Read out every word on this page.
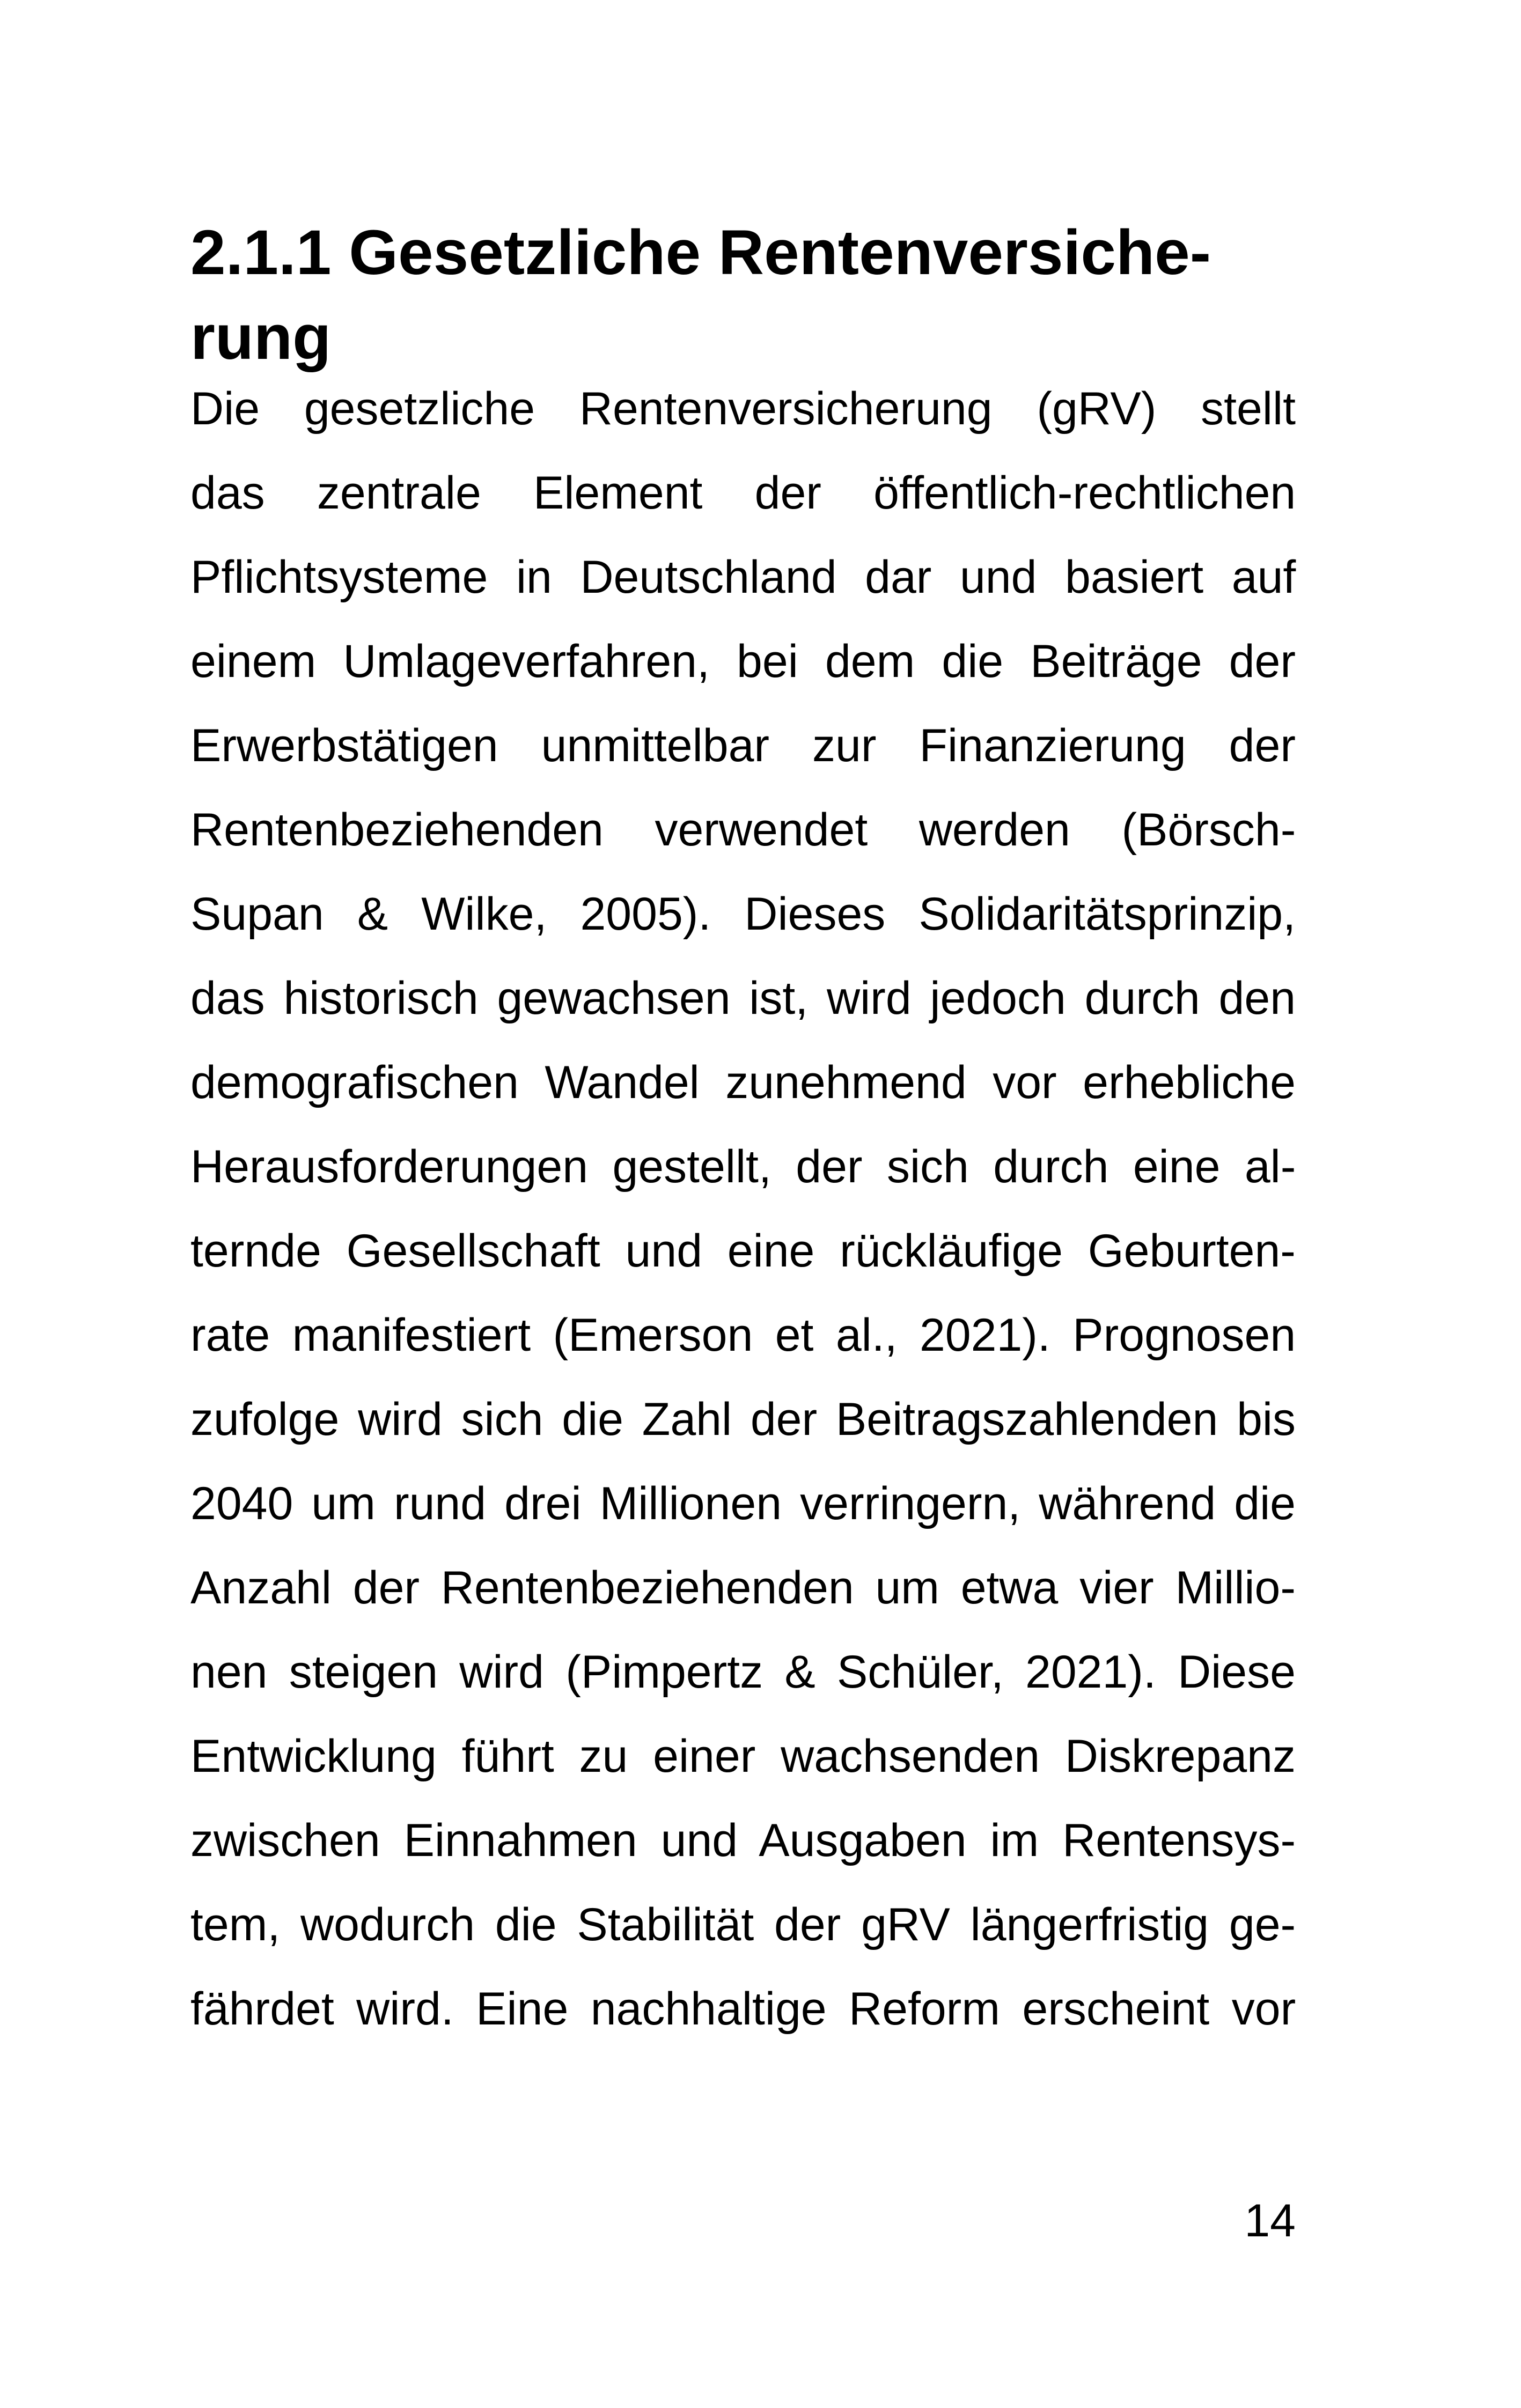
2.1.1 Gesetzliche Rentenversiche-
rung
Die gesetzliche Rentenversicherung (gRV) stellt
das zentrale Element der öffentlich-rechtlichen
Pflichtsysteme in Deutschland dar und basiert auf
einem Umlageverfahren, bei dem die Beiträge der
Erwerbstätigen unmittelbar zur Finanzierung der
Rentenbeziehenden verwendet werden (Börsch-
Supan & Wilke, 2005). Dieses Solidaritätsprinzip,
das historisch gewachsen ist, wird jedoch durch den
demografischen Wandel zunehmend vor erhebliche
Herausforderungen gestellt, der sich durch eine al-
ternde Gesellschaft und eine rückläufige Geburten-
rate manifestiert (Emerson et al., 2021). Prognosen
zufolge wird sich die Zahl der Beitragszahlenden bis
2040 um rund drei Millionen verringern, während die
Anzahl der Rentenbeziehenden um etwa vier Millio-
nen steigen wird (Pimpertz & Schüler, 2021). Diese
Entwicklung führt zu einer wachsenden Diskrepanz
zwischen Einnahmen und Ausgaben im Rentensys-
tem, wodurch die Stabilität der gRV längerfristig ge-
fährdet wird. Eine nachhaltige Reform erscheint vor
14
